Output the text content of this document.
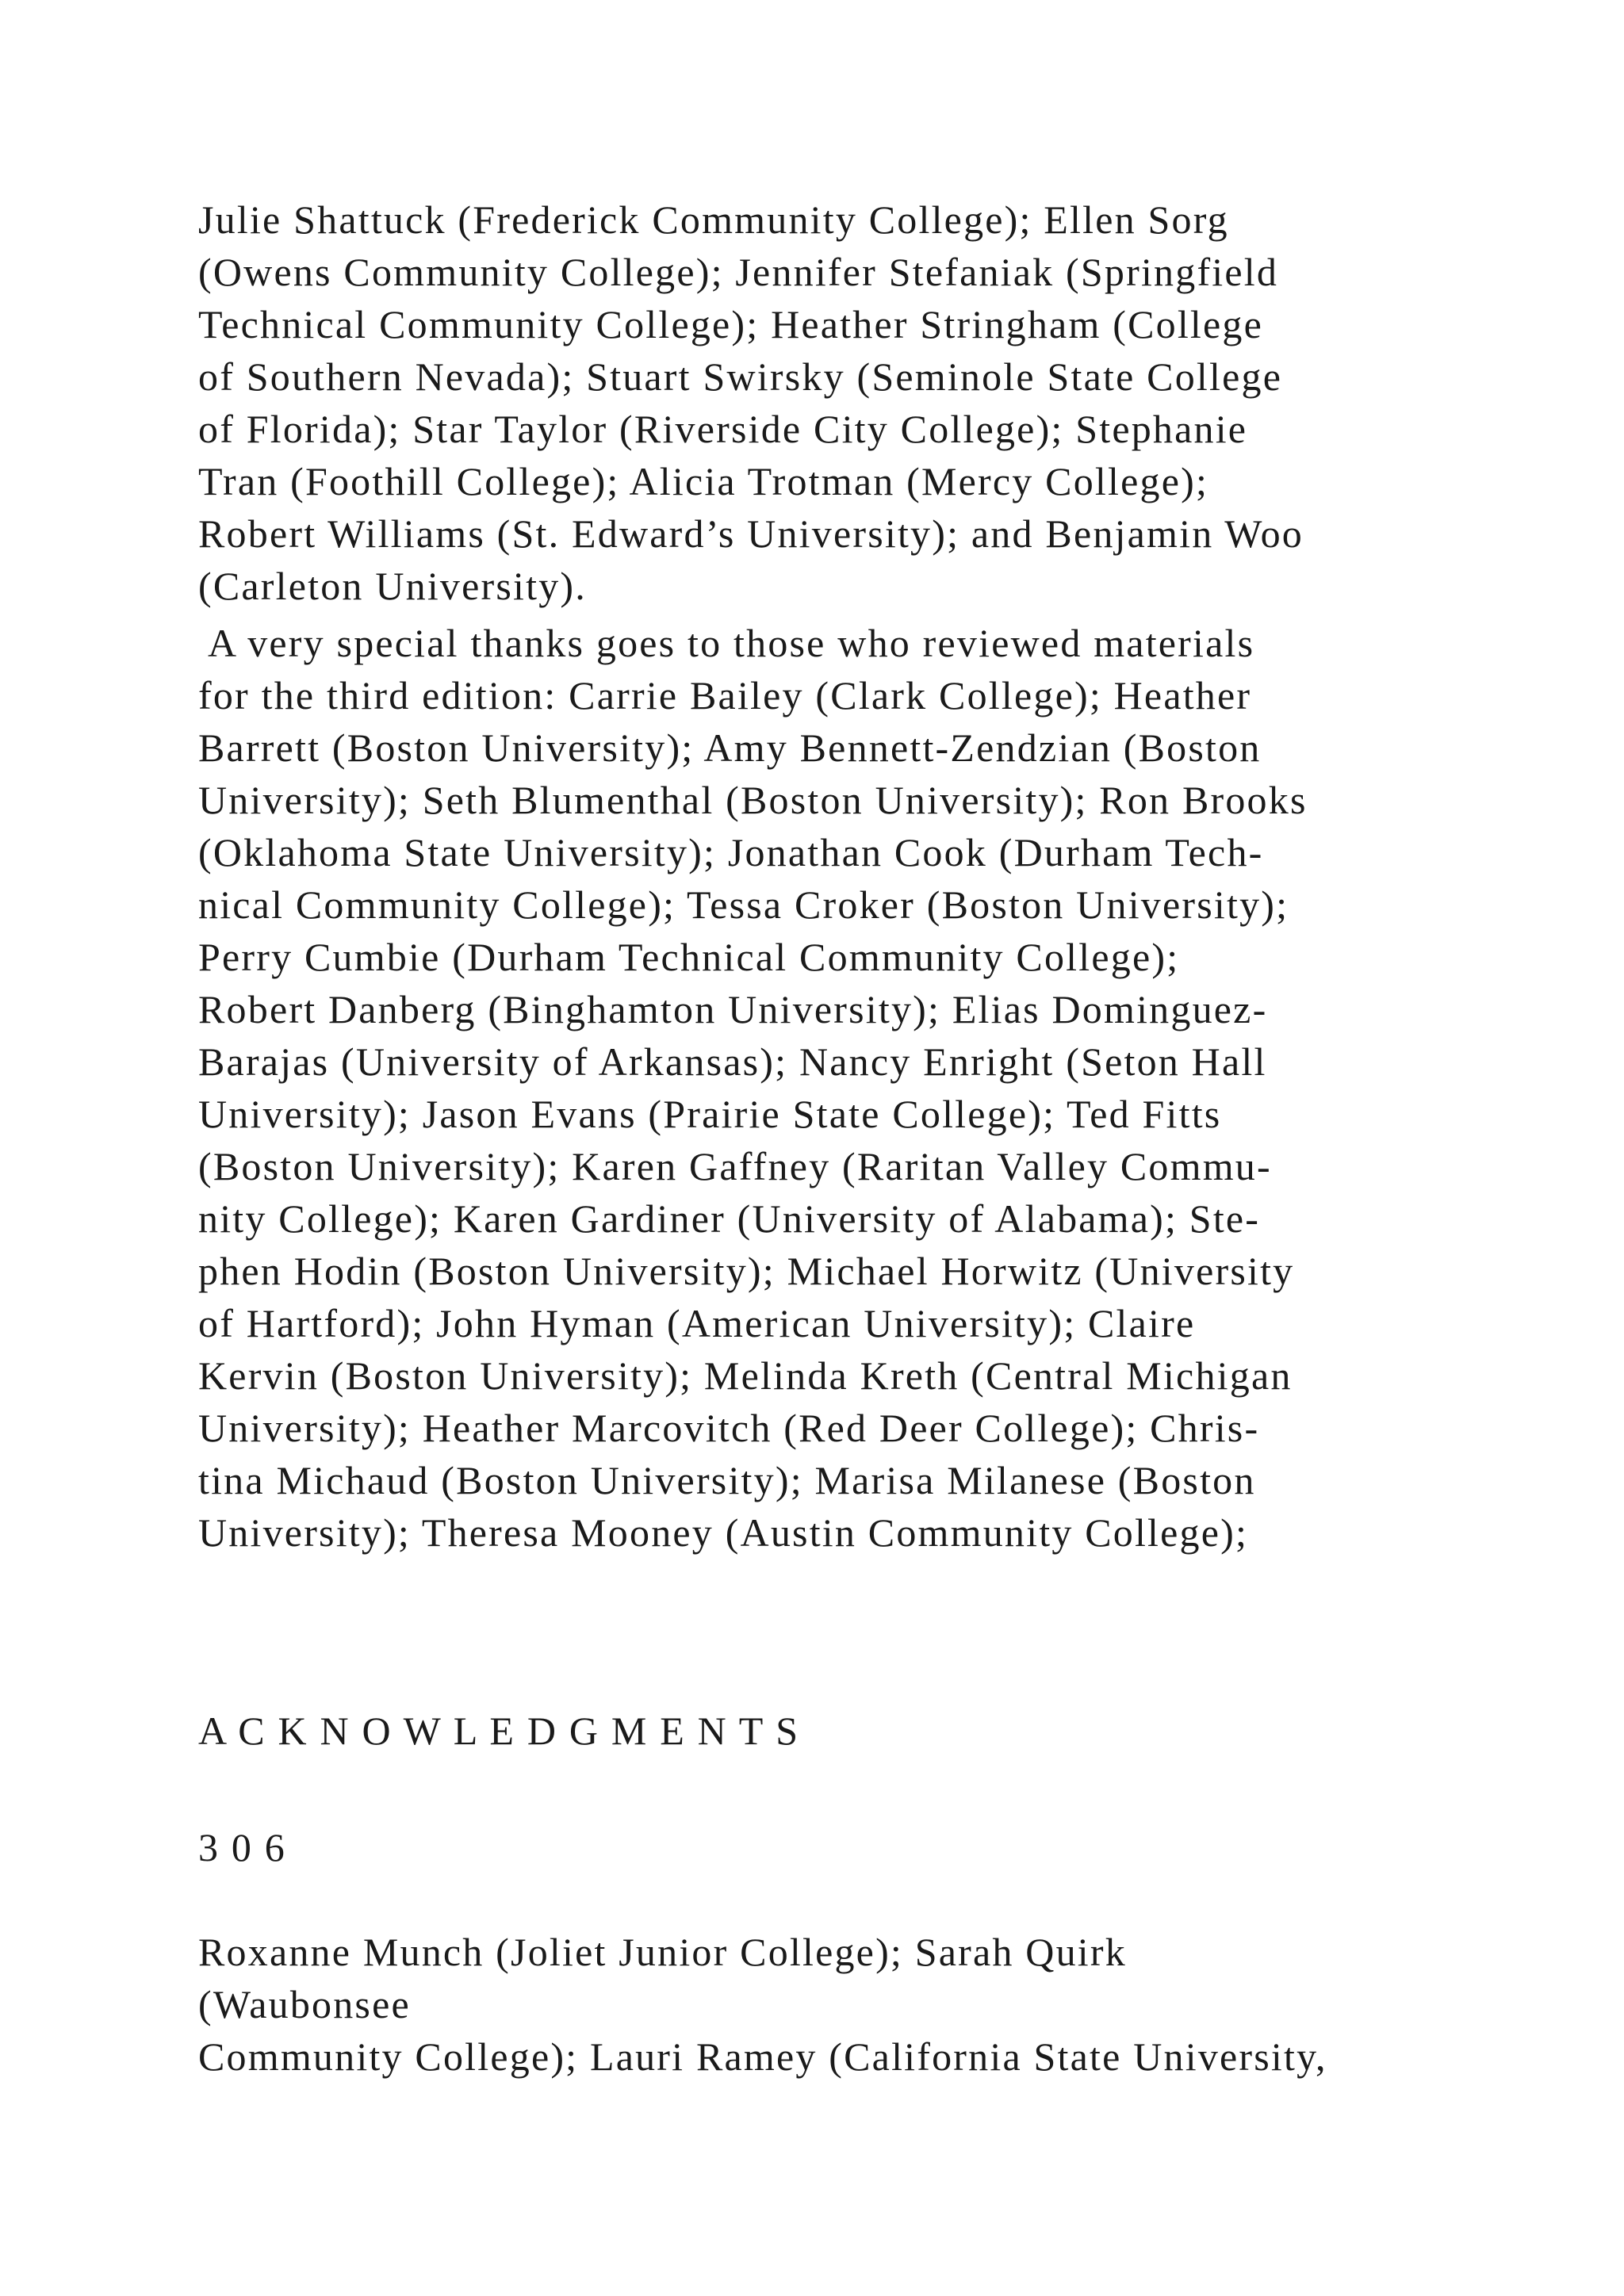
Julie Shattuck (Frederick Community College); Ellen Sorg
(Owens Community College); Jennifer Stefaniak (Springfield
Technical Community College); Heather Stringham (College
of Southern Nevada); Stuart Swirsky (Seminole State College
of Florida); Star Taylor (Riverside City College); Stephanie
Tran (Foothill College); Alicia Trotman (Mercy College);
Robert Williams (St. Edward’s University); and Benjamin Woo
(Carleton University).
A very special thanks goes to those who reviewed materials
for the third edition: Carrie Bailey (Clark College); Heather
Barrett (Boston University); Amy Bennett-Zendzian (Boston
University); Seth Blumenthal (Boston University); Ron Brooks
(Oklahoma State University); Jonathan Cook (Durham Tech-
nical Community College); Tessa Croker (Boston University);
Perry Cumbie (Durham Technical Community College);
Robert Danberg (Binghamton University); Elias Dominguez-
Barajas (University of Arkansas); Nancy Enright (Seton Hall
University); Jason Evans (Prairie State College); Ted Fitts
(Boston University); Karen Gaffney (Raritan Valley Commu-
nity College); Karen Gardiner (University of Alabama); Ste-
phen Hodin (Boston University); Michael Horwitz (University
of Hartford); John Hyman (American University); Claire
Kervin (Boston University); Melinda Kreth (Central Michigan
University); Heather Marcovitch (Red Deer College); Chris-
tina Michaud (Boston University); Marisa Milanese (Boston
University); Theresa Mooney (Austin Community College);
A C K N O W L E D G M E N T S
3 0 6
Roxanne Munch (Joliet Junior College); Sarah Quirk
(Waubonsee
Community College); Lauri Ramey (California State University,
